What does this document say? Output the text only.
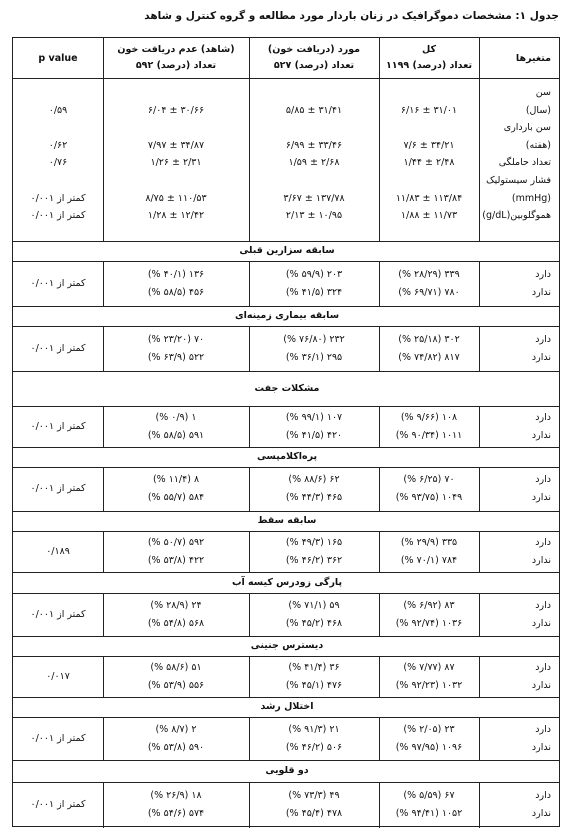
جدول ۱: مشخصات دموگرافیک در زنان باردار مورد مطالعه و گروه کنترل و شاهد
(شاهد) عدم دریافت خون
تعداد (درصد) ۵۹۲
مورد (دریافت خون)
تعداد (درصد) ۵۲۷
کل
تعداد (درصد) ۱۱۹۹
p value	متغیرها
سن
(سال)
۳۱/۰۱ ± ۶/۱۶
۳۱/۴۱ ± ۵/۸۵
۳۰/۶۶ ± ۶/۰۴
۰/۵۹
سن بارداری
(هفته)
۳۴/۲۱ ± ۷/۶
۳۳/۴۶ ± ۶/۹۹
۳۴/۸۷ ± ۷/۹۷
۰/۶۲
تعداد حاملگی
۲/۴۸ ± ۱/۴۴
۲/۶۸ ± ۱/۵۹
۲/۳۱ ± ۱/۲۶
۰/۷۶
فشار سیستولیک
(mmHg)
۱۱۳/۸۴ ± ۱۱/۸۳
۱۳۷/۷۸ ± ۳/۶۷
۱۱۰/۵۳ ± ۸/۷۵
کمتر از ۰/۰۰۱
هموگلوبین(g/dL)
۱۱/۷۳ ± ۱/۸۸
۱۰/۹۵ ± ۲/۱۳
۱۲/۴۲ ± ۱/۲۸
کمتر از ۰/۰۰۱
سابقه سزارین قبلی
دارد
۳۳۹ (۲۸/۲۹ %)
۲۰۳ (۵۹/۹ %)
۱۳۶ (۴۰/۱ %)
ندارد
۷۸۰ (۶۹/۷۱ %)
۳۲۴ (۴۱/۵ %)
۴۵۶ (۵۸/۵ %)
کمتر از ۰/۰۰۱
سابقه بیماری زمینه‌ای
دارد
۳۰۲ (۲۵/۱۸ %)
۲۳۲ (۷۶/۸۰ %)
۷۰ (۲۳/۲۰ %)
ندارد
۸۱۷ (۷۴/۸۲ %)
۲۹۵ (۳۶/۱ %)
۵۲۲ (۶۳/۹ %)
کمتر از ۰/۰۰۱
مشکلات جفت
دارد
۱۰۸ (۹/۶۶ %)
۱۰۷ (۹۹/۱ %)
۱ (۰/۹ %)
ندارد
۱۰۱۱ (۹۰/۳۴ %)
۴۲۰ (۴۱/۵ %)
۵۹۱ (۵۸/۵ %)
کمتر از ۰/۰۰۱
پره‌اکلامپسی
دارد
۷۰ (۶/۲۵ %)
۶۲ (۸۸/۶ %)
۸ (۱۱/۴ %)
ندارد
۱۰۴۹ (۹۳/۷۵ %)
۴۶۵ (۴۴/۳ %)
۵۸۴ (۵۵/۷ %)
کمتر از ۰/۰۰۱
سابقه سقط
دارد
۳۳۵ (۲۹/۹ %)
۱۶۵ (۴۹/۳ %)
۵۹۲ (۵۰/۷ %)
ندارد
۷۸۴ (۷۰/۱ %)
۳۶۲ (۴۶/۲ %)
۴۲۲ (۵۳/۸ %)
۰/۱۸۹
پارگی زودرس کیسه آب
دارد
۸۳ (۶/۹۲ %)
۵۹ (۷۱/۱ %)
۲۴ (۲۸/۹ %)
ندارد
۱۰۳۶ (۹۲/۷۴ %)
۴۶۸ (۴۵/۲ %)
۵۶۸ (۵۴/۸ %)
کمتر از ۰/۰۰۱
دیسترس جنینی
دارد
۸۷ (۷/۷۷ %)
۳۶ (۴۱/۴ %)
۵۱ (۵۸/۶ %)
ندارد
۱۰۳۲ (۹۲/۲۳ %)
۴۷۶ (۴۵/۱ %)
۵۵۶ (۵۳/۹ %)
۰/۰۱۷
اختلال رشد
دارد
۲۳ (۲/۰۵ %)
۲۱ (۹۱/۳ %)
۲ (۸/۷ %)
ندارد
۱۰۹۶ (۹۷/۹۵ %)
۵۰۶ (۴۶/۲ %)
۵۹۰ (۵۳/۸ %)
کمتر از ۰/۰۰۱
دو قلویی
دارد
۶۷ (۵/۵۹ %)
۴۹ (۷۳/۳ %)
۱۸ (۲۶/۹ %)
ندارد
۱۰۵۲ (۹۴/۴۱ %)
۴۷۸ (۴۵/۴ %)
۵۷۴ (۵۴/۶ %)
کمتر از ۰/۰۰۱
